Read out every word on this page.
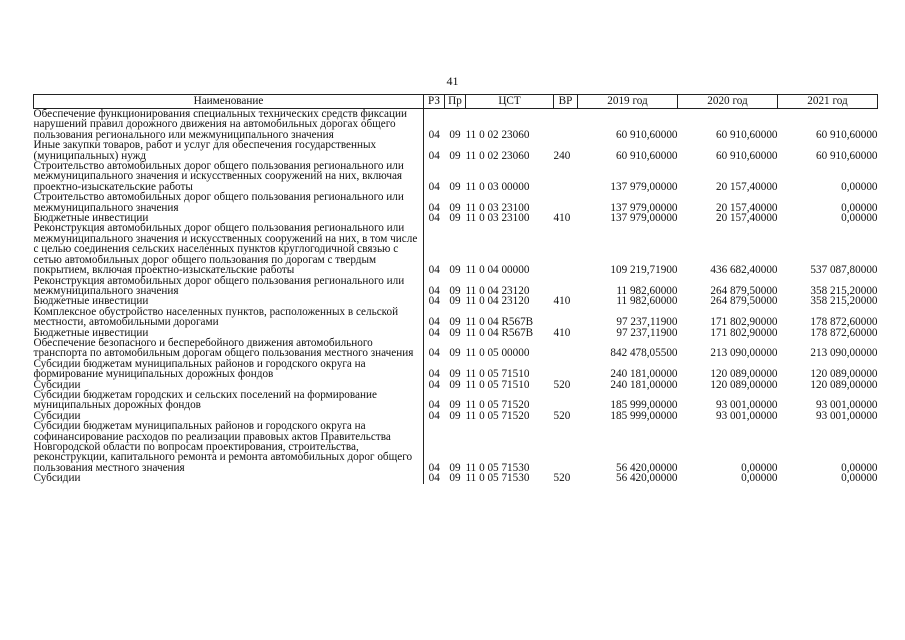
41
Наименование	РЗ	Пр	ЦСТ	ВР	2019 год	2020 год	2021 год
Обеспечение функционирования специальных технических средств фиксации нарушений правил дорожного движения на автомобильных дорогах общего пользования регионального или межмуниципального значения	04	09	11 0 02 23060		60 910,60000	60 910,60000	60 910,60000
Иные закупки товаров, работ и услуг для обеспечения государственных (муниципальных) нужд	04	09	11 0 02 23060	240	60 910,60000	60 910,60000	60 910,60000
Строительство автомобильных дорог общего пользования регионального или межмуниципального значения и искусственных сооружений на них, включая проектно-изыскательские работы	04	09	11 0 03 00000		137 979,00000	20 157,40000	0,00000
Строительство автомобильных дорог общего пользования регионального или межмуниципального значения	04	09	11 0 03 23100		137 979,00000	20 157,40000	0,00000
Бюджетные инвестиции	04	09	11 0 03 23100	410	137 979,00000	20 157,40000	0,00000
Реконструкция автомобильных дорог общего пользования регионального или межмуниципального значения и искусственных сооружений на них, в том числе с целью соединения сельских населенных пунктов круглогодичной связью с сетью автомобильных дорог общего пользования по дорогам с твердым покрытием, включая проектно-изыскательские работы	04	09	11 0 04 00000		109 219,71900	436 682,40000	537 087,80000
Реконструкция автомобильных дорог общего пользования регионального или межмуниципального значения	04	09	11 0 04 23120		11 982,60000	264 879,50000	358 215,20000
Бюджетные инвестиции	04	09	11 0 04 23120	410	11 982,60000	264 879,50000	358 215,20000
Комплексное обустройство населенных пунктов, расположенных в сельской местности, автомобильными дорогами	04	09	11 0 04 R567B		97 237,11900	171 802,90000	178 872,60000
Бюджетные инвестиции	04	09	11 0 04 R567B	410	97 237,11900	171 802,90000	178 872,60000
Обеспечение безопасного и бесперебойного движения автомобильного транспорта по автомобильным дорогам общего пользования местного значения	04	09	11 0 05 00000		842 478,05500	213 090,00000	213 090,00000
Субсидии бюджетам муниципальных районов и городского округа на формирование муниципальных дорожных фондов	04	09	11 0 05 71510		240 181,00000	120 089,00000	120 089,00000
Субсидии	04	09	11 0 05 71510	520	240 181,00000	120 089,00000	120 089,00000
Субсидии бюджетам городских и сельских поселений на формирование муниципальных дорожных фондов	04	09	11 0 05 71520		185 999,00000	93 001,00000	93 001,00000
Субсидии	04	09	11 0 05 71520	520	185 999,00000	93 001,00000	93 001,00000
Субсидии бюджетам муниципальных районов и городского округа на софинансирование расходов по реализации правовых актов Правительства Новгородской области по вопросам проектирования, строительства, реконструкции, капитального ремонта и ремонта автомобильных дорог общего пользования местного значения	04	09	11 0 05 71530		56 420,00000	0,00000	0,00000
Субсидии	04	09	11 0 05 71530	520	56 420,00000	0,00000	0,00000
